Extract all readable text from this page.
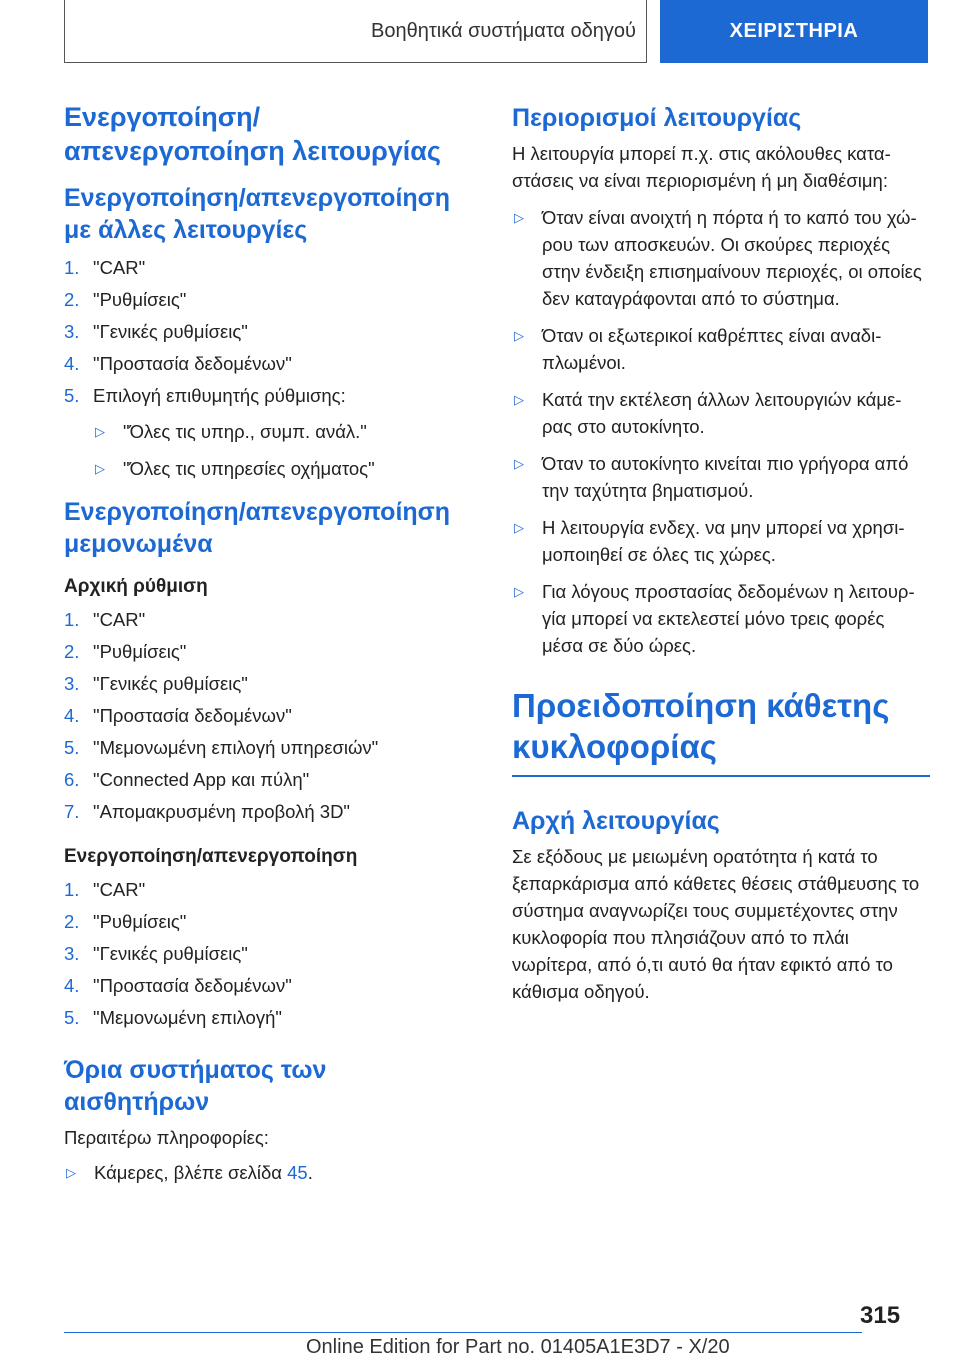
Βοηθητικά συστήματα οδηγού	ΧΕΙΡΙΣΤΗΡΙΑ
Ενεργοποίηση/απενεργοποίηση λειτουργίας
Ενεργοποίηση/απενεργοποίηση με άλλες λειτουργίες
1. "CAR"
2. "Ρυθμίσεις"
3. "Γενικές ρυθμίσεις"
4. "Προστασία δεδομένων"
5. Επιλογή επιθυμητής ρύθμισης:
▷ "Όλες τις υπηρ., συμπ. ανάλ."
▷ "Όλες τις υπηρεσίες οχήματος"
Ενεργοποίηση/απενεργοποίηση μεμονωμένα
Αρχική ρύθμιση
1. "CAR"
2. "Ρυθμίσεις"
3. "Γενικές ρυθμίσεις"
4. "Προστασία δεδομένων"
5. "Μεμονωμένη επιλογή υπηρεσιών"
6. "Connected App και πύλη"
7. "Απομακρυσμένη προβολή 3D"
Ενεργοποίηση/απενεργοποίηση
1. "CAR"
2. "Ρυθμίσεις"
3. "Γενικές ρυθμίσεις"
4. "Προστασία δεδομένων"
5. "Μεμονωμένη επιλογή"
Όρια συστήματος των αισθητήρων
Περαιτέρω πληροφορίες:
▷ Κάμερες, βλέπε σελίδα 45.
Περιορισμοί λειτουργίας
Η λειτουργία μπορεί π.χ. στις ακόλουθες κατα-στάσεις να είναι περιορισμένη ή μη διαθέσιμη:
▷ Όταν είναι ανοιχτή η πόρτα ή το καπό του χώ-ρου των αποσκευών. Οι σκούρες περιοχές στην ένδειξη επισημαίνουν περιοχές, οι οποίες δεν καταγράφονται από το σύστημα.
▷ Όταν οι εξωτερικοί καθρέπτες είναι αναδι-πλωμένοι.
▷ Κατά την εκτέλεση άλλων λειτουργιών κάμε-ρας στο αυτοκίνητο.
▷ Όταν το αυτοκίνητο κινείται πιο γρήγορα από την ταχύτητα βηματισμού.
▷ Η λειτουργία ενδεχ. να μην μπορεί να χρησι-μοποιηθεί σε όλες τις χώρες.
▷ Για λόγους προστασίας δεδομένων η λειτουρ-γία μπορεί να εκτελεστεί μόνο τρεις φορές μέσα σε δύο ώρες.
Προειδοποίηση κάθετης κυκλοφορίας
Αρχή λειτουργίας
Σε εξόδους με μειωμένη ορατότητα ή κατά το ξεπαρκάρισμα από κάθετες θέσεις στάθμευσης το σύστημα αναγνωρίζει τους συμμετέχοντες στην κυκλοφορία που πλησιάζουν από το πλάι νωρίτερα, από ό,τι αυτό θα ήταν εφικτό από το κάθισμα οδηγού.
315
Online Edition for Part no. 01405A1E3D7 - X/20
